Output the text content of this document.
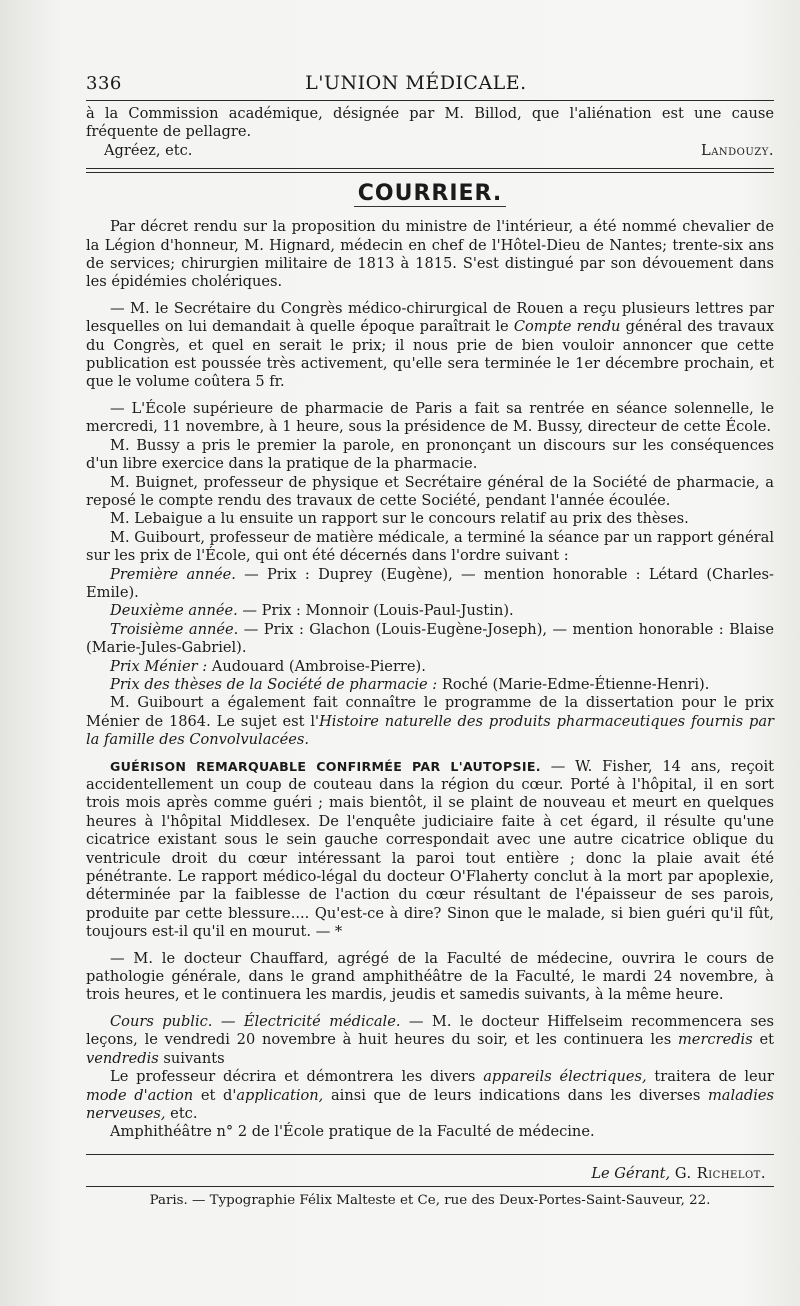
336	L'UNION MÉDICALE.

à la Commission académique, désignée par M. Billod, que l'aliénation est une cause fréquente de pellagre.

Agréez, etc.	Landouzy.
COURRIER.

Par décret rendu sur la proposition du ministre de l'intérieur, a été nommé chevalier de la Légion d'honneur, M. Hignard, médecin en chef de l'Hôtel-Dieu de Nantes; trente-six ans de services; chirurgien militaire de 1813 à 1815. S'est distingué par son dévouement dans les épidémies cholériques.

— M. le Secrétaire du Congrès médico-chirurgical de Rouen a reçu plusieurs lettres par lesquelles on lui demandait à quelle époque paraîtrait le Compte rendu général des travaux du Congrès, et quel en serait le prix; il nous prie de bien vouloir annoncer que cette publication est poussée très activement, qu'elle sera terminée le 1er décembre prochain, et que le volume coûtera 5 fr.

— L'École supérieure de pharmacie de Paris a fait sa rentrée en séance solennelle, le mercredi, 11 novembre, à 1 heure, sous la présidence de M. Bussy, directeur de cette École.

M. Bussy a pris le premier la parole, en prononçant un discours sur les conséquences d'un libre exercice dans la pratique de la pharmacie.

M. Buignet, professeur de physique et Secrétaire général de la Société de pharmacie, a reposé le compte rendu des travaux de cette Société, pendant l'année écoulée.

M. Lebaigue a lu ensuite un rapport sur le concours relatif au prix des thèses.

M. Guibourt, professeur de matière médicale, a terminé la séance par un rapport général sur les prix de l'École, qui ont été décernés dans l'ordre suivant :

Première année. — Prix : Duprey (Eugène), — mention honorable : Létard (Charles-Emile).

Deuxième année. — Prix : Monnoir (Louis-Paul-Justin).

Troisième année. — Prix : Glachon (Louis-Eugène-Joseph), — mention honorable : Blaise (Marie-Jules-Gabriel).

Prix Ménier : Audouard (Ambroise-Pierre).

Prix des thèses de la Société de pharmacie : Roché (Marie-Edme-Étienne-Henri).

M. Guibourt a également fait connaître le programme de la dissertation pour le prix Ménier de 1864. Le sujet est l'Histoire naturelle des produits pharmaceutiques fournis par la famille des Convolvulacées.

GUÉRISON REMARQUABLE CONFIRMÉE PAR L'AUTOPSIE. — W. Fisher, 14 ans, reçoit accidentellement un coup de couteau dans la région du cœur. Porté à l'hôpital, il en sort trois mois après comme guéri ; mais bientôt, il se plaint de nouveau et meurt en quelques heures à l'hôpital Middlesex. De l'enquête judiciaire faite à cet égard, il résulte qu'une cicatrice existant sous le sein gauche correspondait avec une autre cicatrice oblique du ventricule droit du cœur intéressant la paroi tout entière ; donc la plaie avait été pénétrante. Le rapport médico-légal du docteur O'Flaherty conclut à la mort par apoplexie, déterminée par la faiblesse de l'action du cœur résultant de l'épaisseur de ses parois, produite par cette blessure.... Qu'est-ce à dire? Sinon que le malade, si bien guéri qu'il fût, toujours est-il qu'il en mourut. — *

— M. le docteur Chauffard, agrégé de la Faculté de médecine, ouvrira le cours de pathologie générale, dans le grand amphithéâtre de la Faculté, le mardi 24 novembre, à trois heures, et le continuera les mardis, jeudis et samedis suivants, à la même heure.

Cours public. — Électricité médicale. — M. le docteur Hiffelseim recommencera ses leçons, le vendredi 20 novembre à huit heures du soir, et les continuera les mercredis et vendredis suivants

Le professeur décrira et démontrera les divers appareils électriques, traitera de leur mode d'action et d'application, ainsi que de leurs indications dans les diverses maladies nerveuses, etc.

Amphithéâtre n° 2 de l'École pratique de la Faculté de médecine.

Le Gérant, G. Richelot.
Paris. — Typographie Félix Malteste et Ce, rue des Deux-Portes-Saint-Sauveur, 22.
